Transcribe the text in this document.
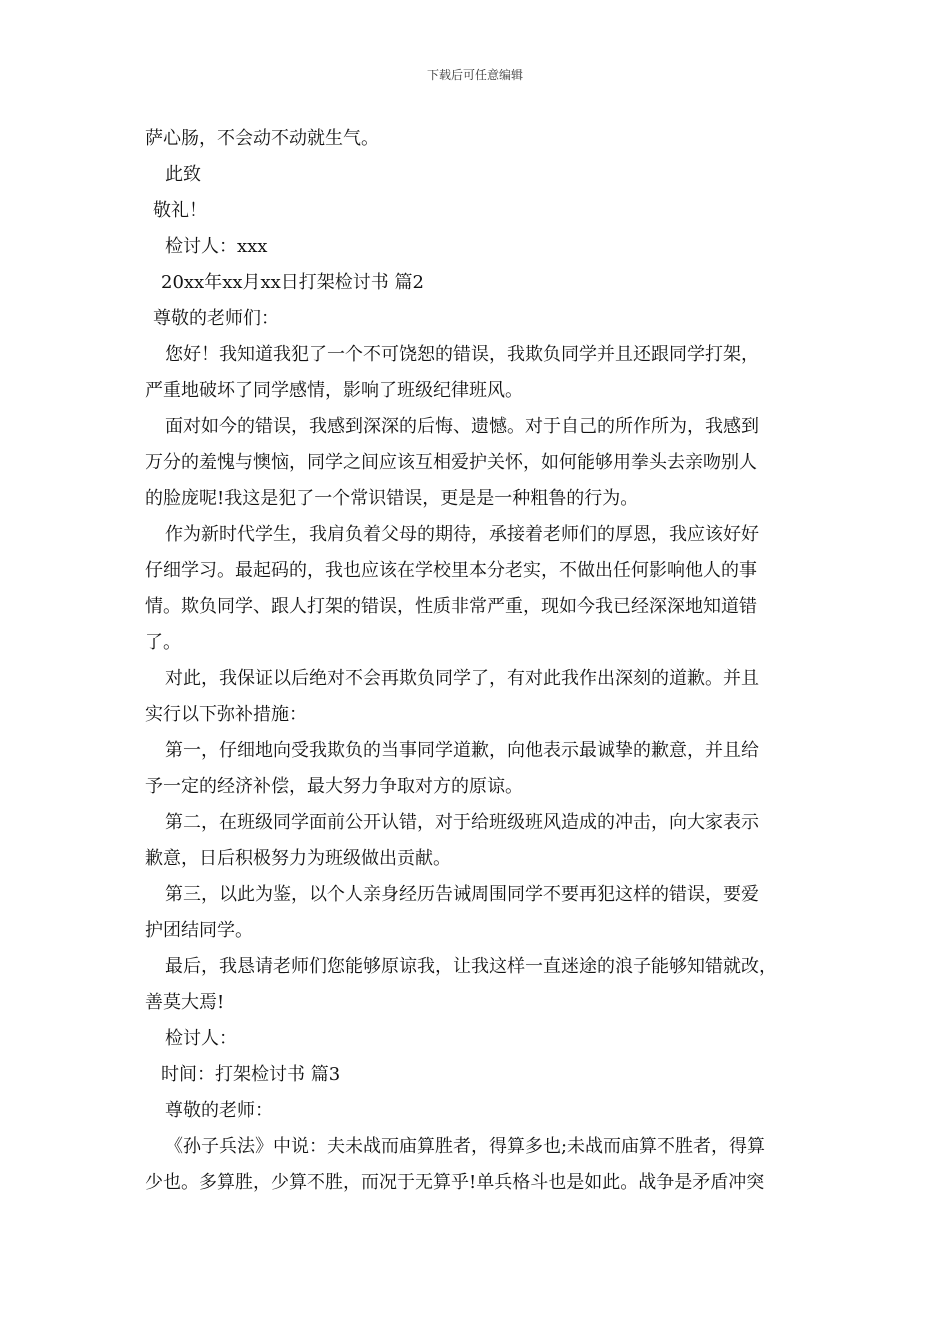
下载后可任意编辑
萨心肠，不会动不动就生气。
此致
敬礼！
检讨人：xxx
20xx年xx月xx日打架检讨书 篇2
尊敬的老师们：
您好！我知道我犯了一个不可饶恕的错误，我欺负同学并且还跟同学打架，
严重地破坏了同学感情，影响了班级纪律班风。
面对如今的错误，我感到深深的后悔、遗憾。对于自己的所作所为，我感到
万分的羞愧与懊恼，同学之间应该互相爱护关怀，如何能够用拳头去亲吻别人
的脸庞呢!我这是犯了一个常识错误，更是是一种粗鲁的行为。
作为新时代学生，我肩负着父母的期待，承接着老师们的厚恩，我应该好好
仔细学习。最起码的，我也应该在学校里本分老实，不做出任何影响他人的事
情。欺负同学、跟人打架的错误，性质非常严重，现如今我已经深深地知道错
了。
对此，我保证以后绝对不会再欺负同学了，有对此我作出深刻的道歉。并且
实行以下弥补措施：
第一，仔细地向受我欺负的当事同学道歉，向他表示最诚挚的歉意，并且给
予一定的经济补偿，最大努力争取对方的原谅。
第二，在班级同学面前公开认错，对于给班级班风造成的冲击，向大家表示
歉意，日后积极努力为班级做出贡献。
第三，以此为鉴，以个人亲身经历告诫周围同学不要再犯这样的错误，要爱
护团结同学。
最后，我恳请老师们您能够原谅我，让我这样一直迷途的浪子能够知错就改，
善莫大焉!
检讨人：
时间：打架检讨书 篇3
尊敬的老师：
《孙子兵法》中说：夫未战而庙算胜者，得算多也;未战而庙算不胜者，得算
少也。多算胜，少算不胜，而况于无算乎!单兵格斗也是如此。战争是矛盾冲突
